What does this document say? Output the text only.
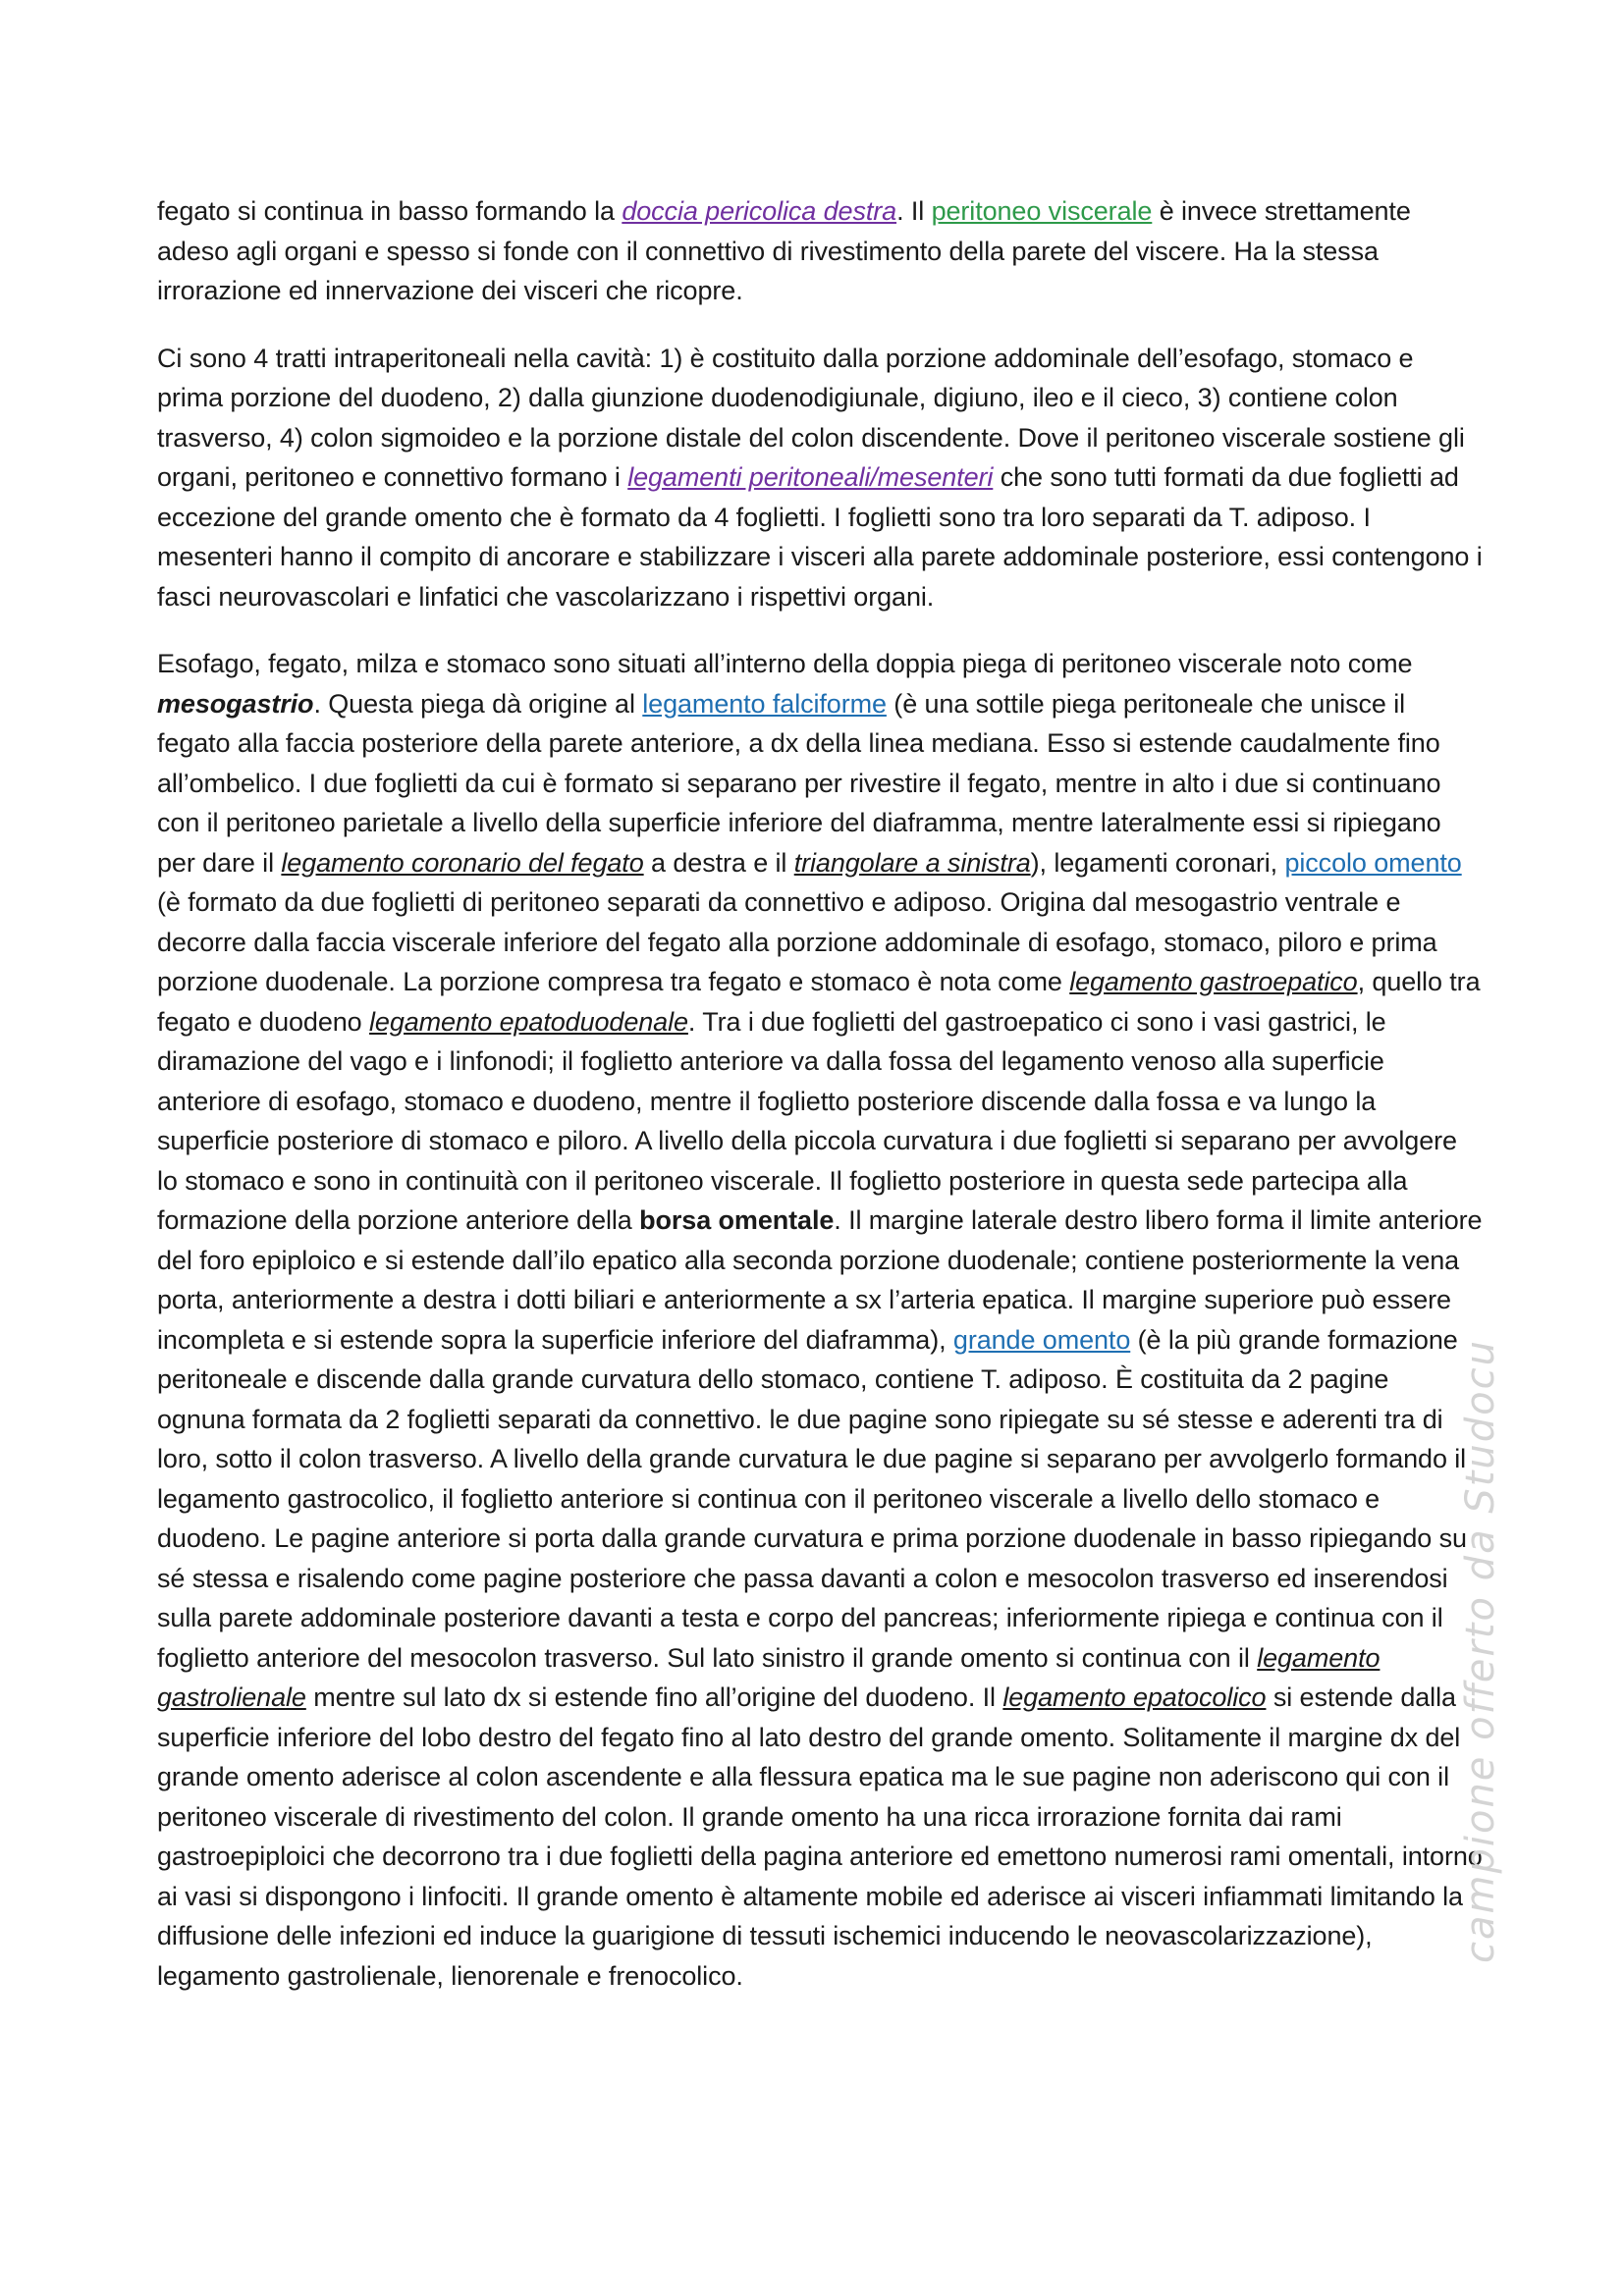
fegato si continua in basso formando la doccia pericolica destra. Il peritoneo viscerale è invece strettamente adeso agli organi e spesso si fonde con il connettivo di rivestimento della parete del viscere. Ha la stessa irrorazione ed innervazione dei visceri che ricopre.

Ci sono 4 tratti intraperitoneali nella cavità: 1) è costituito dalla porzione addominale dell’esofago, stomaco e prima porzione del duodeno, 2) dalla giunzione duodenodigiunale, digiuno, ileo e il cieco, 3) contiene colon trasverso, 4) colon sigmoideo e la porzione distale del colon discendente. Dove il peritoneo viscerale sostiene gli organi, peritoneo e connettivo formano i legamenti peritoneali/mesenteri che sono tutti formati da due foglietti ad eccezione del grande omento che è formato da 4 foglietti. I foglietti sono tra loro separati da T. adiposo. I mesenteri hanno il compito di ancorare e stabilizzare i visceri alla parete addominale posteriore, essi contengono i fasci neurovascolari e linfatici che vascolarizzano i rispettivi organi.

Esofago, fegato, milza e stomaco sono situati all’interno della doppia piega di peritoneo viscerale noto come mesogastrio. Questa piega dà origine al legamento falciforme (è una sottile piega peritoneale che unisce il fegato alla faccia posteriore della parete anteriore, a dx della linea mediana. Esso si estende caudalmente fino all’ombelico. I due foglietti da cui è formato si separano per rivestire il fegato, mentre in alto i due si continuano con il peritoneo parietale a livello della superficie inferiore del diaframma, mentre lateralmente essi si ripiegano per dare il legamento coronario del fegato a destra e il triangolare a sinistra), legamenti coronari, piccolo omento (è formato da due foglietti di peritoneo separati da connettivo e adiposo. Origina dal mesogastrio ventrale e decorre dalla faccia viscerale inferiore del fegato alla porzione addominale di esofago, stomaco, piloro e prima porzione duodenale. La porzione compresa tra fegato e stomaco è nota come legamento gastroepatico, quello tra fegato e duodeno legamento epatoduodenale. Tra i due foglietti del gastroepatico ci sono i vasi gastrici, le diramazione del vago e i linfonodi; il foglietto anteriore va dalla fossa del legamento venoso alla superficie anteriore di esofago, stomaco e duodeno, mentre il foglietto posteriore discende dalla fossa e va lungo la superficie posteriore di stomaco e piloro. A livello della piccola curvatura i due foglietti si separano per avvolgere lo stomaco e sono in continuità con il peritoneo viscerale. Il foglietto posteriore in questa sede partecipa alla formazione della porzione anteriore della borsa omentale. Il margine laterale destro libero forma il limite anteriore del foro epiploico e si estende dall’ilo epatico alla seconda porzione duodenale; contiene posteriormente la vena porta, anteriormente a destra i dotti biliari e anteriormente a sx l’arteria epatica. Il margine superiore può essere incompleta e si estende sopra la superficie inferiore del diaframma), grande omento (è la più grande formazione peritoneale e discende dalla grande curvatura dello stomaco, contiene T. adiposo. È costituita da 2 pagine ognuna formata da 2 foglietti separati da connettivo. le due pagine sono ripiegate su sé stesse e aderenti tra di loro, sotto il colon trasverso. A livello della grande curvatura le due pagine si separano per avvolgerlo formando il legamento gastrocolico, il foglietto anteriore si continua con il peritoneo viscerale a livello dello stomaco e duodeno. Le pagine anteriore si porta dalla grande curvatura e prima porzione duodenale in basso ripiegando su sé stessa e risalendo come pagine posteriore che passa davanti a colon e mesocolon trasverso ed inserendosi sulla parete addominale posteriore davanti a testa e corpo del pancreas; inferiormente ripiega e continua con il foglietto anteriore del mesocolon trasverso. Sul lato sinistro il grande omento si continua con il legamento gastrolienale mentre sul lato dx si estende fino all’origine del duodeno. Il legamento epatocolico si estende dalla superficie inferiore del lobo destro del fegato fino al lato destro del grande omento. Solitamente il margine dx del grande omento aderisce al colon ascendente e alla flessura epatica ma le sue pagine non aderiscono qui con il peritoneo viscerale di rivestimento del colon. Il grande omento ha una ricca irrorazione fornita dai rami gastroepiploici che decorrono tra i due foglietti della pagina anteriore ed emettono numerosi rami omentali, intorno ai vasi si dispongono i linfociti. Il grande omento è altamente mobile ed aderisce ai visceri infiammati limitando la diffusione delle infezioni ed induce la guarigione di tessuti ischemici inducendo le neovascolarizzazione), legamento gastrolienale, lienorenale e frenocolico.

campione offerto da Studocu
